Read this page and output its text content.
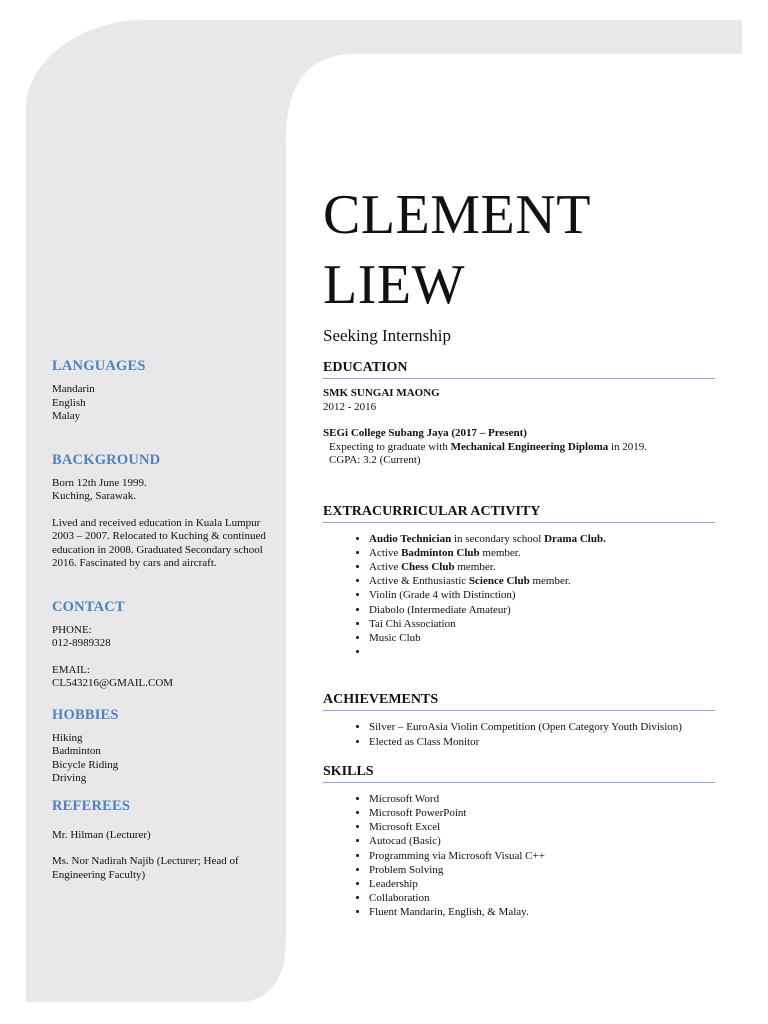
LANGUAGES

Mandarin

English

Malay

BACKGROUND

Born 12th June 1999.

Kuching, Sarawak.

Lived and received education in Kuala Lumpur 2003 – 2007. Relocated to Kuching & continued education in 2008. Graduated Secondary school 2016. Fascinated by cars and aircraft.

CONTACT

PHONE:

012-8989328

EMAIL:

CL543216@GMAIL.COM

HOBBIES

Hiking

Badminton

Bicycle Riding

Driving

REFEREES

Mr. Hilman (Lecturer)

Ms. Nor Nadirah Najib (Lecturer; Head of Engineering Faculty)

CLEMENT
LIEW

Seeking Internship

EDUCATION

SMK SUNGAI MAONG

2012 - 2016

SEGi College Subang Jaya (2017 – Present)

Expecting to graduate with Mechanical Engineering Diploma in 2019.

CGPA: 3.2 (Current)

EXTRACURRICULAR ACTIVITY
• Audio Technician in secondary school Drama Club.
• Active Badminton Club member.
• Active Chess Club member.
• Active & Enthusiastic Science Club member.
• Violin (Grade 4 with Distinction)
• Diabolo (Intermediate Amateur)
• Tai Chi Association
• Music Club
•
ACHIEVEMENTS
• Silver – EuroAsia Violin Competition (Open Category Youth Division)
• Elected as Class Monitor
SKILLS
• Microsoft Word
• Microsoft PowerPoint
• Microsoft Excel
• Autocad (Basic)
• Programming via Microsoft Visual C++
• Problem Solving
• Leadership
• Collaboration
• Fluent Mandarin, English, & Malay.
